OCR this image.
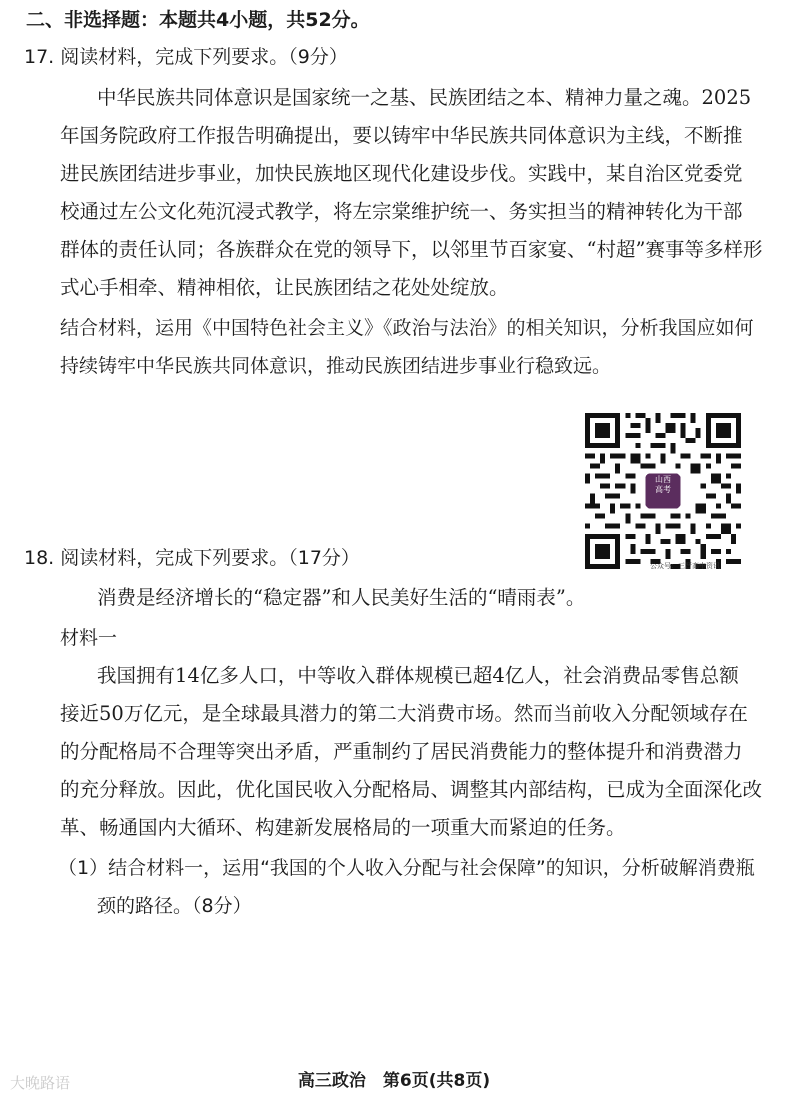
二、非选择题：本题共4小题，共52分。
17. 阅读材料，完成下列要求。（9分）
中华民族共同体意识是国家统一之基、民族团结之本、精神力量之魂。2025
年国务院政府工作报告明确提出，要以铸牢中华民族共同体意识为主线，不断推
进民族团结进步事业，加快民族地区现代化建设步伐。实践中，某自治区党委党
校通过左公文化苑沉浸式教学，将左宗棠维护统一、务实担当的精神转化为干部
群体的责任认同；各族群众在党的领导下，以邻里节百家宴、“村超”赛事等多样形
式心手相牵、精神相依，让民族团结之花处处绽放。
结合材料，运用《中国特色社会主义》《政治与法治》的相关知识，分析我国应如何
持续铸牢中华民族共同体意识，推动民族团结进步事业行稳致远。
山西
高考
公众号：三晋高中资讯
18. 阅读材料，完成下列要求。（17分）
消费是经济增长的“稳定器”和人民美好生活的“晴雨表”。
材料一
我国拥有14亿多人口，中等收入群体规模已超4亿人，社会消费品零售总额
接近50万亿元，是全球最具潜力的第二大消费市场。然而当前收入分配领域存在
的分配格局不合理等突出矛盾，严重制约了居民消费能力的整体提升和消费潜力
的充分释放。因此，优化国民收入分配格局、调整其内部结构，已成为全面深化改
革、畅通国内大循环、构建新发展格局的一项重大而紧迫的任务。
（1）结合材料一，运用“我国的个人收入分配与社会保障”的知识，分析破解消费瓶
颈的路径。（8分）
高三政治　第6页(共8页)
大晚路语
